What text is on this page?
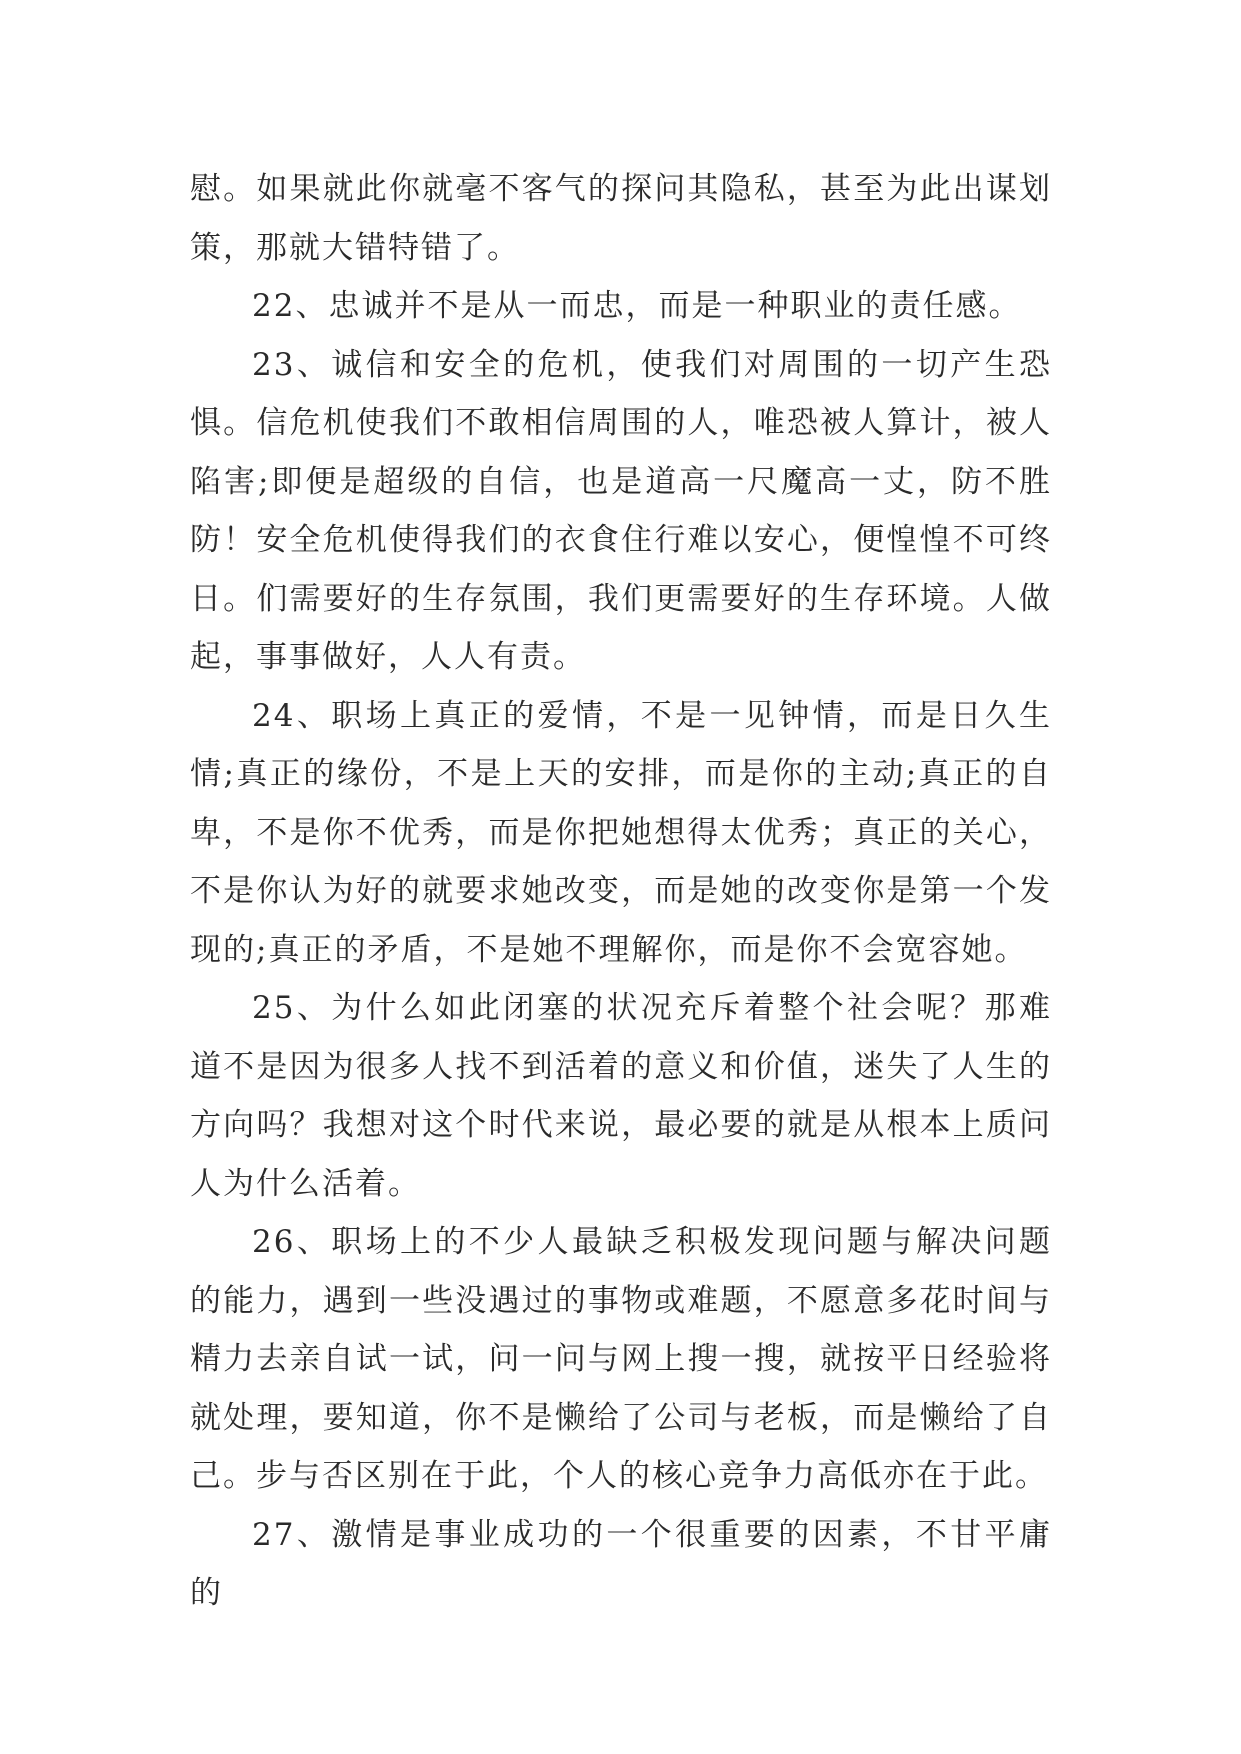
慰。如果就此你就毫不客气的探问其隐私，甚至为此出谋划策，那就大错特错了。

22、忠诚并不是从一而忠，而是一种职业的责任感。

23、诚信和安全的危机，使我们对周围的一切产生恐惧。信危机使我们不敢相信周围的人，唯恐被人算计，被人陷害;即便是超级的自信，也是道高一尺魔高一丈，防不胜防！安全危机使得我们的衣食住行难以安心，便惶惶不可终日。们需要好的生存氛围，我们更需要好的生存环境。人做起，事事做好，人人有责。

24、职场上真正的爱情，不是一见钟情，而是日久生情;真正的缘份，不是上天的安排，而是你的主动;真正的自卑，不是你不优秀，而是你把她想得太优秀；真正的关心，不是你认为好的就要求她改变，而是她的改变你是第一个发现的;真正的矛盾，不是她不理解你，而是你不会宽容她。

25、为什么如此闭塞的状况充斥着整个社会呢？那难道不是因为很多人找不到活着的意义和价值，迷失了人生的方向吗？我想对这个时代来说，最必要的就是从根本上质问人为什么活着。

26、职场上的不少人最缺乏积极发现问题与解决问题的能力，遇到一些没遇过的事物或难题，不愿意多花时间与精力去亲自试一试，问一问与网上搜一搜，就按平日经验将就处理，要知道，你不是懒给了公司与老板，而是懒给了自己。步与否区别在于此，个人的核心竞争力高低亦在于此。

27、激情是事业成功的一个很重要的因素，不甘平庸的
